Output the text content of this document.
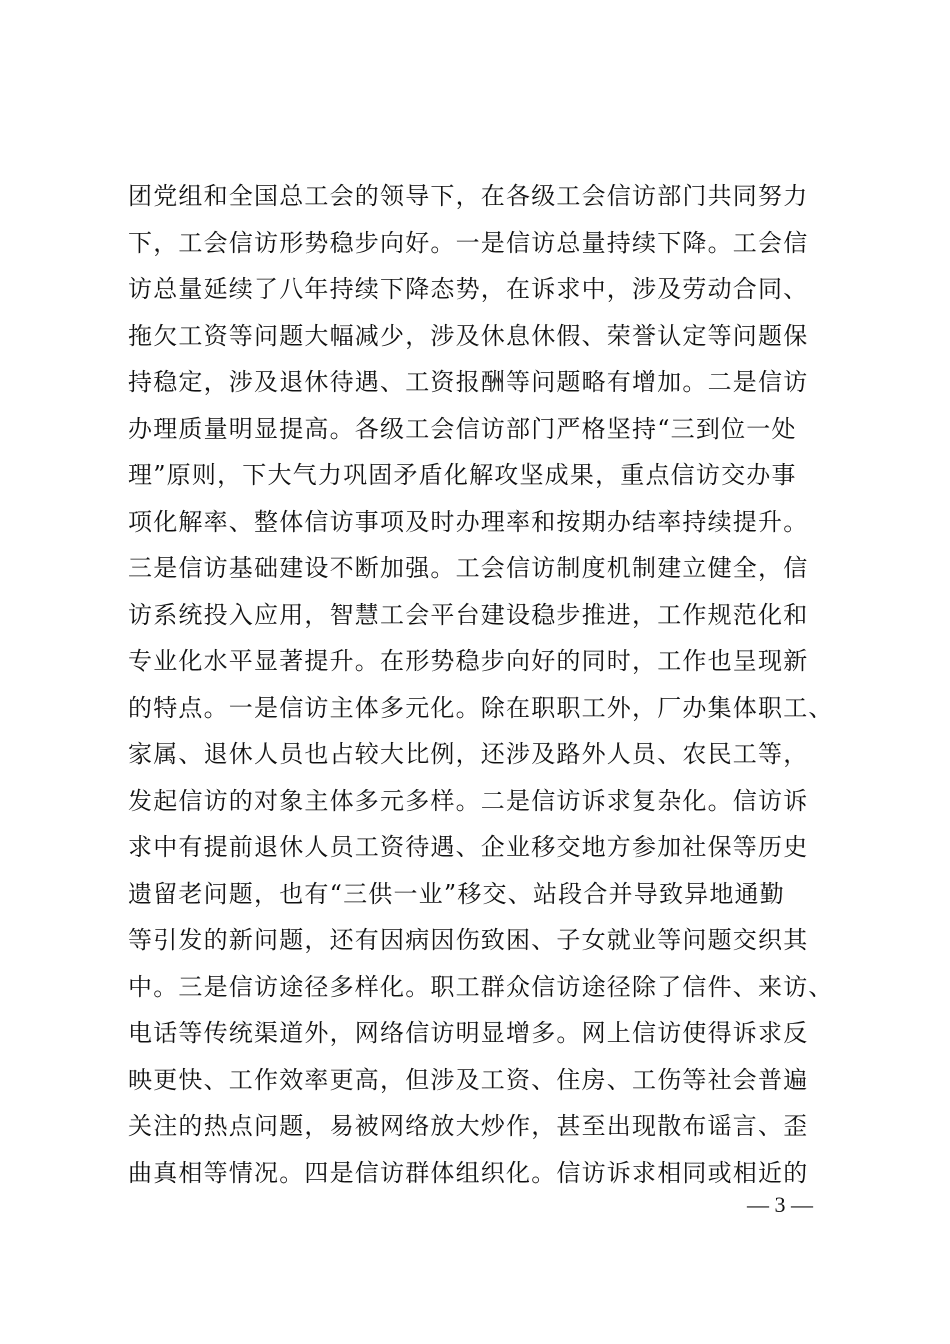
团党组和全国总工会的领导下，在各级工会信访部门共同努力
下，工会信访形势稳步向好。一是信访总量持续下降。工会信
访总量延续了八年持续下降态势，在诉求中，涉及劳动合同、
拖欠工资等问题大幅减少，涉及休息休假、荣誉认定等问题保
持稳定，涉及退休待遇、工资报酬等问题略有增加。二是信访
办理质量明显提高。各级工会信访部门严格坚持“三到位一处
理”原则，下大气力巩固矛盾化解攻坚成果，重点信访交办事
项化解率、整体信访事项及时办理率和按期办结率持续提升。
三是信访基础建设不断加强。工会信访制度机制建立健全，信
访系统投入应用，智慧工会平台建设稳步推进，工作规范化和
专业化水平显著提升。在形势稳步向好的同时，工作也呈现新
的特点。一是信访主体多元化。除在职职工外，厂办集体职工、
家属、退休人员也占较大比例，还涉及路外人员、农民工等，
发起信访的对象主体多元多样。二是信访诉求复杂化。信访诉
求中有提前退休人员工资待遇、企业移交地方参加社保等历史
遗留老问题，也有“三供一业”移交、站段合并导致异地通勤
等引发的新问题，还有因病因伤致困、子女就业等问题交织其
中。三是信访途径多样化。职工群众信访途径除了信件、来访、
电话等传统渠道外，网络信访明显增多。网上信访使得诉求反
映更快、工作效率更高，但涉及工资、住房、工伤等社会普遍
关注的热点问题，易被网络放大炒作，甚至出现散布谣言、歪
曲真相等情况。四是信访群体组织化。信访诉求相同或相近的
— 3 —
